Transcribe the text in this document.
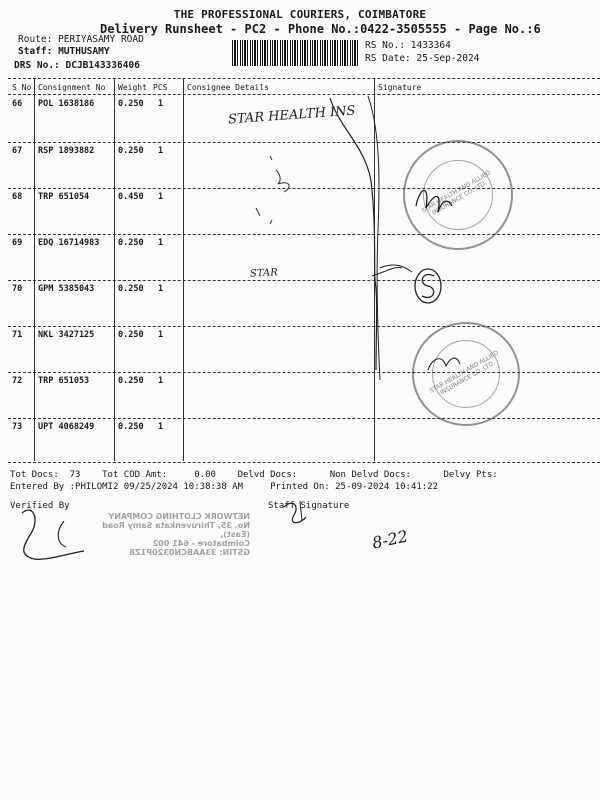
THE PROFESSIONAL COURIERS, COIMBATORE
Delivery Runsheet - PC2 - Phone No.:0422-3505555 - Page No.:6
Route: PERIYASAMY ROAD
Staff: MUTHUSAMY
DRS No.: DCJB143336406
RS No.: 1433364
RS Date: 25-Sep-2024
S No Consignment No Weight PCS Consignee Details	Signature
66 POL 1638186	0.250 1
67 RSP 1893882	0.250 1
68 TRP 651054	0.450 1
69 EDQ 16714983 0.250 1
70 GPM 5385043	0.250 1
71 NKL 3427125	0.250 1
72 TRP 651053	0.250 1
73 UPT 4068249	0.250 1
STAR HEALTH INS
STAR
STAR HEALTH AND ALLIED INSURANCE CO. LTD.
STAR HEALTH AND ALLIED INSURANCE CO. LTD.
Tot Docs:  73    Tot COD Amt:     0.00    Delvd Docs:      Non Delvd Docs:      Delvy Pts:
Entered By :PHILOMI2 09/25/2024 10:38:38 AM     Printed On: 25-09-2024 10:41:22
Verified By	Staff Signature
NETWORK CLOTHING COMPANY
No. 35, Thiruvenkata Samy Road (East),
Coimbatore - 641 002
GSTIN: 33AABCN0320P1Z8	8-22
